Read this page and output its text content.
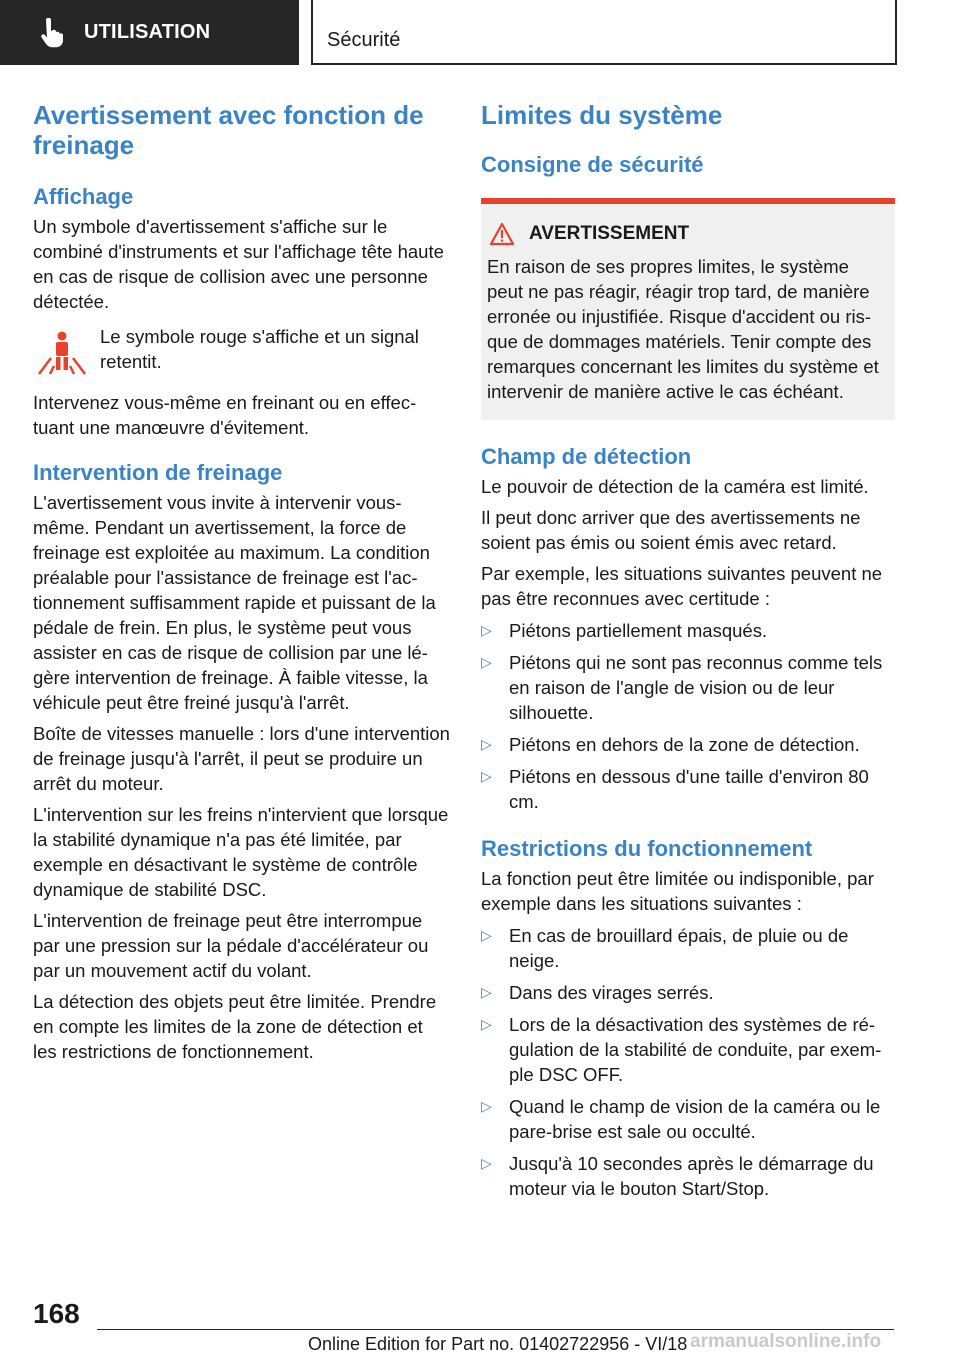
UTILISATION	Sécurité
Avertissement avec fonction de freinage
Affichage

Un symbole d'avertissement s'affiche sur le combiné d'instruments et sur l'affichage tête haute en cas de risque de collision avec une personne détectée.

Le symbole rouge s'affiche et un signal retentit.

Intervenez vous-même en freinant ou en effectuant une manœuvre d'évitement.

Intervention de freinage

L'avertissement vous invite à intervenir vous-même. Pendant un avertissement, la force de freinage est exploitée au maximum. La condition préalable pour l'assistance de freinage est l'actionnement suffisamment rapide et puissant de la pédale de frein. En plus, le système peut vous assister en cas de risque de collision par une légère intervention de freinage. À faible vitesse, la véhicule peut être freiné jusqu'à l'arrêt.

Boîte de vitesses manuelle : lors d'une intervention de freinage jusqu'à l'arrêt, il peut se produire un arrêt du moteur.

L'intervention sur les freins n'intervient que lorsque la stabilité dynamique n'a pas été limitée, par exemple en désactivant le système de contrôle dynamique de stabilité DSC.

L'intervention de freinage peut être interrompue par une pression sur la pédale d'accélérateur ou par un mouvement actif du volant.

La détection des objets peut être limitée. Prendre en compte les limites de la zone de détection et les restrictions de fonctionnement.

Limites du système
Consigne de sécurité
AVERTISSEMENT

En raison de ses propres limites, le système peut ne pas réagir, réagir trop tard, de manière erronée ou injustifiée. Risque d'accident ou risque de dommages matériels. Tenir compte des remarques concernant les limites du système et intervenir de manière active le cas échéant.

Champ de détection

Le pouvoir de détection de la caméra est limité.

Il peut donc arriver que des avertissements ne soient pas émis ou soient émis avec retard.

Par exemple, les situations suivantes peuvent ne pas être reconnues avec certitude :

▷ Piétons partiellement masqués.

▷ Piétons qui ne sont pas reconnus comme tels en raison de l'angle de vision ou de leur silhouette.

▷ Piétons en dehors de la zone de détection.

▷ Piétons en dessous d'une taille d'environ 80 cm.

Restrictions du fonctionnement

La fonction peut être limitée ou indisponible, par exemple dans les situations suivantes :

▷ En cas de brouillard épais, de pluie ou de neige.

▷ Dans des virages serrés.

▷ Lors de la désactivation des systèmes de régulation de la stabilité de conduite, par exemple DSC OFF.

▷ Quand le champ de vision de la caméra ou le pare-brise est sale ou occulté.

▷ Jusqu'à 10 secondes après le démarrage du moteur via le bouton Start/Stop.

168
Online Edition for Part no. 01402722956 - VI/18 armanualsonline.info
